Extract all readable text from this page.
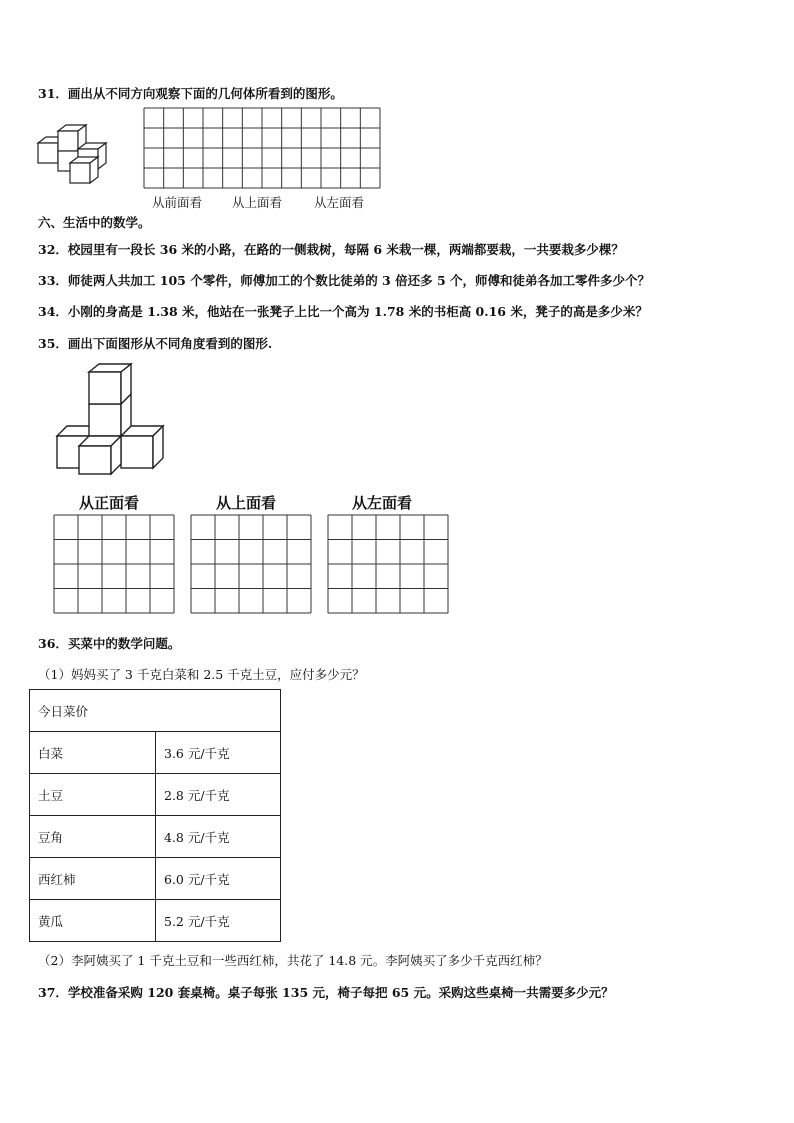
31．画出从不同方向观察下面的几何体所看到的图形。
从前面看 从上面看	从左面看
六、生活中的数学。
32．校园里有一段长 36 米的小路，在路的一侧栽树，每隔 6 米栽一棵，两端都要栽，一共要栽多少棵？
33．师徒两人共加工 105 个零件，师傅加工的个数比徒弟的 3 倍还多 5 个，师傅和徒弟各加工零件多少个？
34．小刚的身高是 1.38 米，他站在一张凳子上比一个高为 1.78 米的书柜高 0.16 米，凳子的高是多少米？
35．画出下面图形从不同角度看到的图形.
从正面看	从上面看	从左面看
36．买菜中的数学问题。
（1）妈妈买了 3 千克白菜和 2.5 千克土豆，应付多少元？
今日菜价	
白菜	3.6 元/千克
土豆	2.8 元/千克
豆角	4.8 元/千克
西红柿	6.0 元/千克
黄瓜	5.2 元/千克
（2）李阿姨买了 1 千克土豆和一些西红柿，共花了 14.8 元。李阿姨买了多少千克西红柿？
37．学校准备采购 120 套桌椅。桌子每张 135 元，椅子每把 65 元。采购这些桌椅一共需要多少元？
